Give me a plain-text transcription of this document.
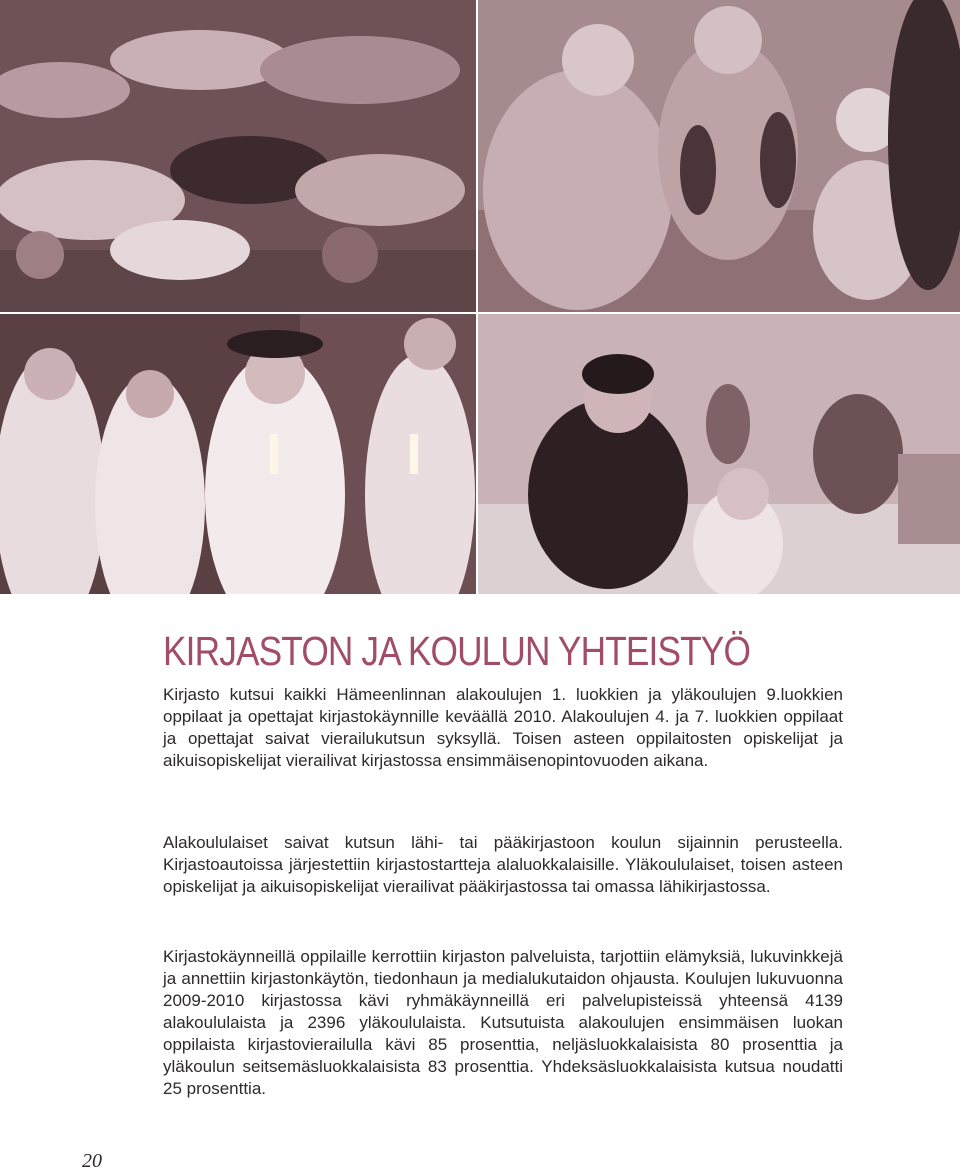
KIRJASTON JA KOULUN YHTEISTYÖ

Kirjasto kutsui kaikki Hämeenlinnan alakoulujen 1. luokkien ja yläkoulujen 9.luokkien oppilaat ja opettajat kirjastokäynnille keväällä 2010. Alakoulujen 4. ja 7. luokkien oppilaat ja opettajat saivat vierailukutsun syksyllä. Toisen asteen oppilaitosten opiskelijat ja aikuisopiskelijat vierailivat kirjastossa ensimmäisenopintovuoden aikana.

Alakoululaiset saivat kutsun lähi- tai pääkirjastoon koulun sijainnin perusteella. Kirjastoautoissa järjestettiin kirjastostartteja alaluokkalaisille. Yläkoululaiset, toisen asteen opiskelijat ja aikuisopiskelijat vierailivat pääkirjastossa tai omassa lähikirjastossa.

Kirjastokäynneillä oppilaille kerrottiin kirjaston palveluista, tarjottiin elämyksiä, lukuvinkkejä ja annettiin kirjastonkäytön, tiedonhaun ja medialukutaidon ohjausta. Koulujen lukuvuonna 2009-2010 kirjastossa kävi ryhmäkäynneillä eri palvelupisteissä yhteensä 4139 alakoululaista ja 2396 yläkoululaista. Kutsutuista alakoulujen ensimmäisen luokan oppilaista kirjastovierailulla kävi 85 prosenttia, neljäsluokkalaisista 80 prosenttia ja yläkoulun seitsemäsluokkalaisista 83 prosenttia. Yhdeksäsluokkalaisista kutsua noudatti 25 prosenttia.

20
